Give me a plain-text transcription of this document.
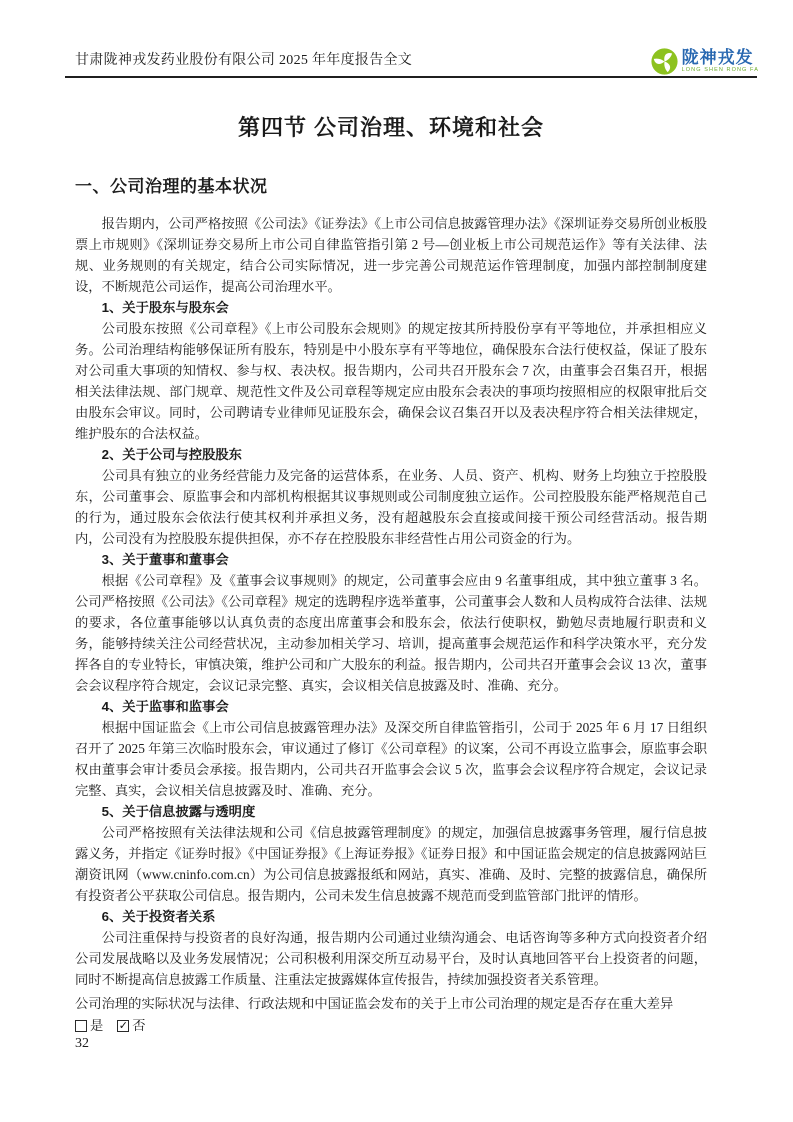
甘肃陇神戎发药业股份有限公司 2025 年年度报告全文	陇神戎发
LONG SHEN RONG FA
第四节 公司治理、环境和社会
一、公司治理的基本状况

报告期内，公司严格按照《公司法》《证券法》《上市公司信息披露管理办法》《深圳证券交易所创业板股票上市规则》《深圳证券交易所上市公司自律监管指引第 2 号—创业板上市公司规范运作》等有关法律、法规、业务规则的有关规定，结合公司实际情况，进一步完善公司规范运作管理制度，加强内部控制制度建设，不断规范公司运作，提高公司治理水平。

1、关于股东与股东会

公司股东按照《公司章程》《上市公司股东会规则》的规定按其所持股份享有平等地位，并承担相应义务。公司治理结构能够保证所有股东，特别是中小股东享有平等地位，确保股东合法行使权益，保证了股东对公司重大事项的知情权、参与权、表决权。报告期内，公司共召开股东会 7 次，由董事会召集召开，根据相关法律法规、部门规章、规范性文件及公司章程等规定应由股东会表决的事项均按照相应的权限审批后交由股东会审议。同时，公司聘请专业律师见证股东会，确保会议召集召开以及表决程序符合相关法律规定，维护股东的合法权益。

2、关于公司与控股股东

公司具有独立的业务经营能力及完备的运营体系，在业务、人员、资产、机构、财务上均独立于控股股东，公司董事会、原监事会和内部机构根据其议事规则或公司制度独立运作。公司控股股东能严格规范自己的行为，通过股东会依法行使其权利并承担义务，没有超越股东会直接或间接干预公司经营活动。报告期内，公司没有为控股股东提供担保，亦不存在控股股东非经营性占用公司资金的行为。

3、关于董事和董事会

根据《公司章程》及《董事会议事规则》的规定，公司董事会应由 9 名董事组成，其中独立董事 3 名。公司严格按照《公司法》《公司章程》规定的选聘程序选举董事，公司董事会人数和人员构成符合法律、法规的要求，各位董事能够以认真负责的态度出席董事会和股东会，依法行使职权，勤勉尽责地履行职责和义务，能够持续关注公司经营状况，主动参加相关学习、培训，提高董事会规范运作和科学决策水平，充分发挥各自的专业特长，审慎决策，维护公司和广大股东的利益。报告期内，公司共召开董事会会议 13 次，董事会会议程序符合规定，会议记录完整、真实，会议相关信息披露及时、准确、充分。

4、关于监事和监事会

根据中国证监会《上市公司信息披露管理办法》及深交所自律监管指引，公司于 2025 年 6 月 17 日组织召开了 2025 年第三次临时股东会，审议通过了修订《公司章程》的议案，公司不再设立监事会，原监事会职权由董事会审计委员会承接。报告期内，公司共召开监事会会议 5 次，监事会会议程序符合规定，会议记录完整、真实，会议相关信息披露及时、准确、充分。

5、关于信息披露与透明度

公司严格按照有关法律法规和公司《信息披露管理制度》的规定，加强信息披露事务管理，履行信息披露义务，并指定《证券时报》《中国证券报》《上海证券报》《证券日报》和中国证监会规定的信息披露网站巨潮资讯网（www.cninfo.com.cn）为公司信息披露报纸和网站，真实、准确、及时、完整的披露信息，确保所有投资者公平获取公司信息。报告期内，公司未发生信息披露不规范而受到监管部门批评的情形。

6、关于投资者关系

公司注重保持与投资者的良好沟通，报告期内公司通过业绩沟通会、电话咨询等多种方式向投资者介绍公司发展战略以及业务发展情况；公司积极利用深交所互动易平台，及时认真地回答平台上投资者的问题，同时不断提高信息披露工作质量、注重法定披露媒体宣传报告，持续加强投资者关系管理。

公司治理的实际状况与法律、行政法规和中国证监会发布的关于上市公司治理的规定是否存在重大差异

是 ✓ 否
32
